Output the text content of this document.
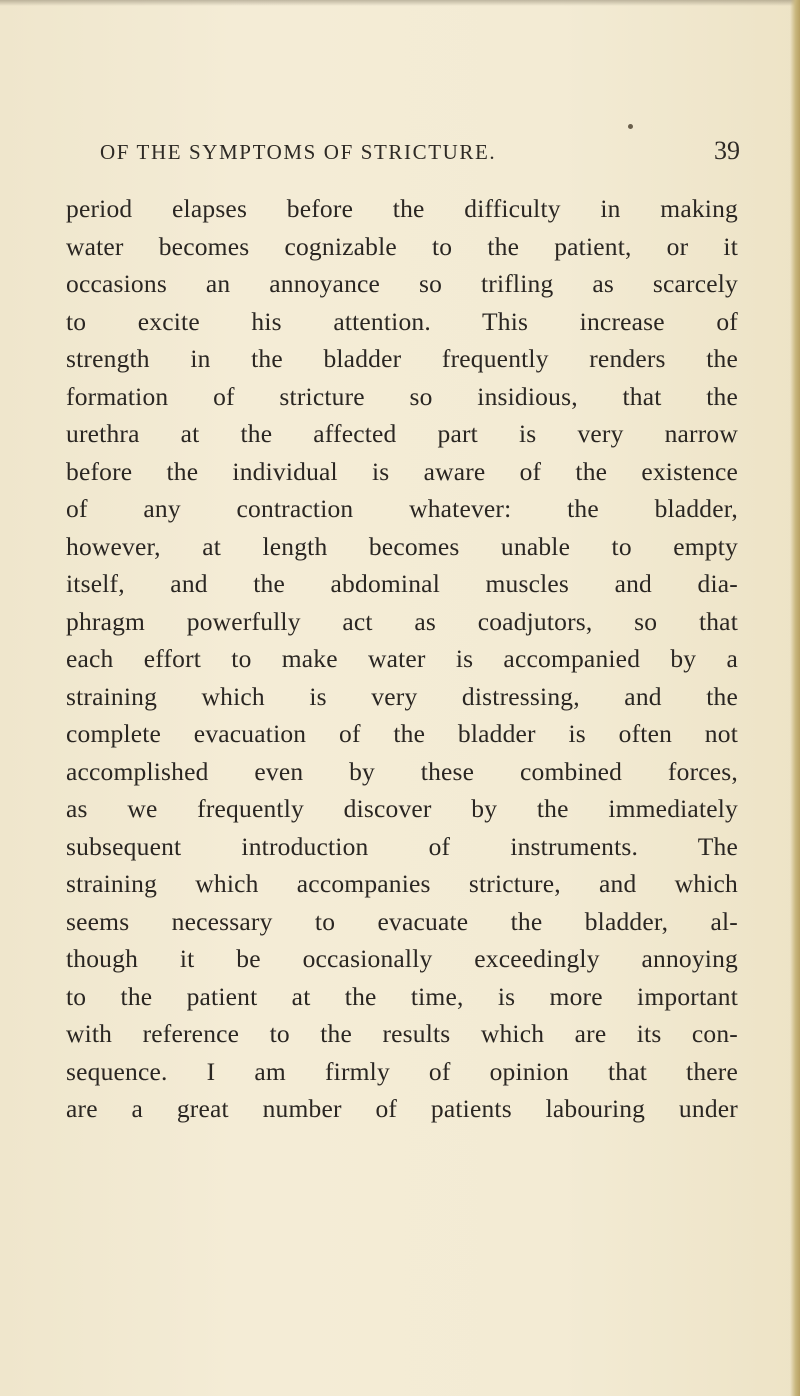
OF THE SYMPTOMS OF STRICTURE.	39
period elapses before the difficulty in making
water becomes cognizable to the patient, or it
occasions an annoyance so trifling as scarcely
to excite his attention. This increase of
strength in the bladder frequently renders the
formation of stricture so insidious, that the
urethra at the affected part is very narrow
before the individual is aware of the existence
of any contraction whatever: the bladder,
however, at length becomes unable to empty
itself, and the abdominal muscles and dia-
phragm powerfully act as coadjutors, so that
each effort to make water is accompanied by a
straining which is very distressing, and the
complete evacuation of the bladder is often not
accomplished even by these combined forces,
as we frequently discover by the immediately
subsequent introduction of instruments. The
straining which accompanies stricture, and which
seems necessary to evacuate the bladder, al-
though it be occasionally exceedingly annoying
to the patient at the time, is more important
with reference to the results which are its con-
sequence. I am firmly of opinion that there
are a great number of patients labouring under
